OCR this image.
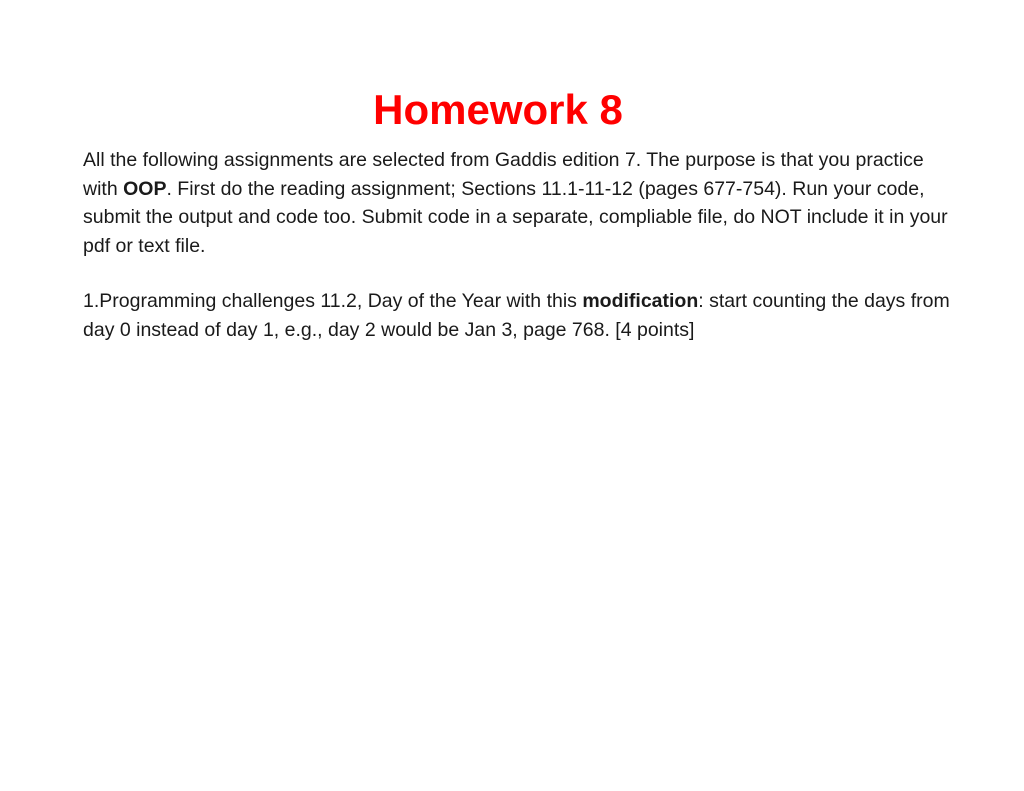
Homework 8

All the following assignments are selected from Gaddis edition 7. The purpose is that you practice with OOP. First do the reading assignment; Sections 11.1-11-12 (pages 677-754). Run your code, submit the output and code too. Submit code in a separate, compliable file, do NOT include it in your pdf or text file.

1.Programming challenges 11.2, Day of the Year with this modification: start counting the days from day 0 instead of day 1, e.g., day 2 would be Jan 3, page 768. [4 points]
